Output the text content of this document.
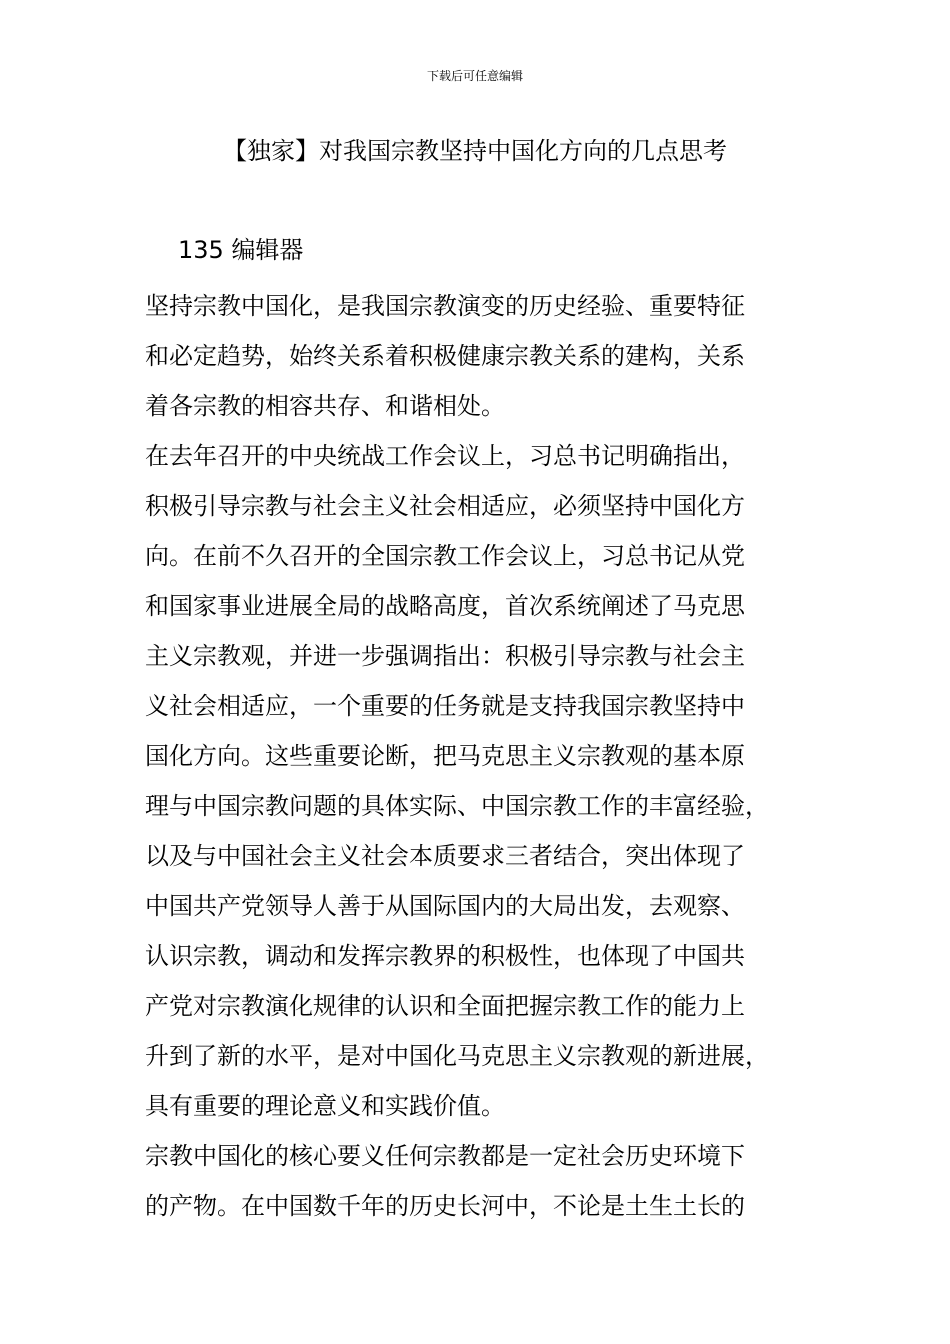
下载后可任意编辑
【独家】对我国宗教坚持中国化方向的几点思考
135 编辑器

坚持宗教中国化，是我国宗教演变的历史经验、重要特征
和必定趋势，始终关系着积极健康宗教关系的建构，关系
着各宗教的相容共存、和谐相处。

在去年召开的中央统战工作会议上，习总书记明确指出，
积极引导宗教与社会主义社会相适应，必须坚持中国化方
向。在前不久召开的全国宗教工作会议上，习总书记从党
和国家事业进展全局的战略高度，首次系统阐述了马克思
主义宗教观，并进一步强调指出：积极引导宗教与社会主
义社会相适应，一个重要的任务就是支持我国宗教坚持中
国化方向。这些重要论断，把马克思主义宗教观的基本原
理与中国宗教问题的具体实际、中国宗教工作的丰富经验，
以及与中国社会主义社会本质要求三者结合，突出体现了
中国共产党领导人善于从国际国内的大局出发，去观察、
认识宗教，调动和发挥宗教界的积极性，也体现了中国共
产党对宗教演化规律的认识和全面把握宗教工作的能力上
升到了新的水平，是对中国化马克思主义宗教观的新进展，
具有重要的理论意义和实践价值。

宗教中国化的核心要义任何宗教都是一定社会历史环境下
的产物。在中国数千年的历史长河中，不论是土生土长的
